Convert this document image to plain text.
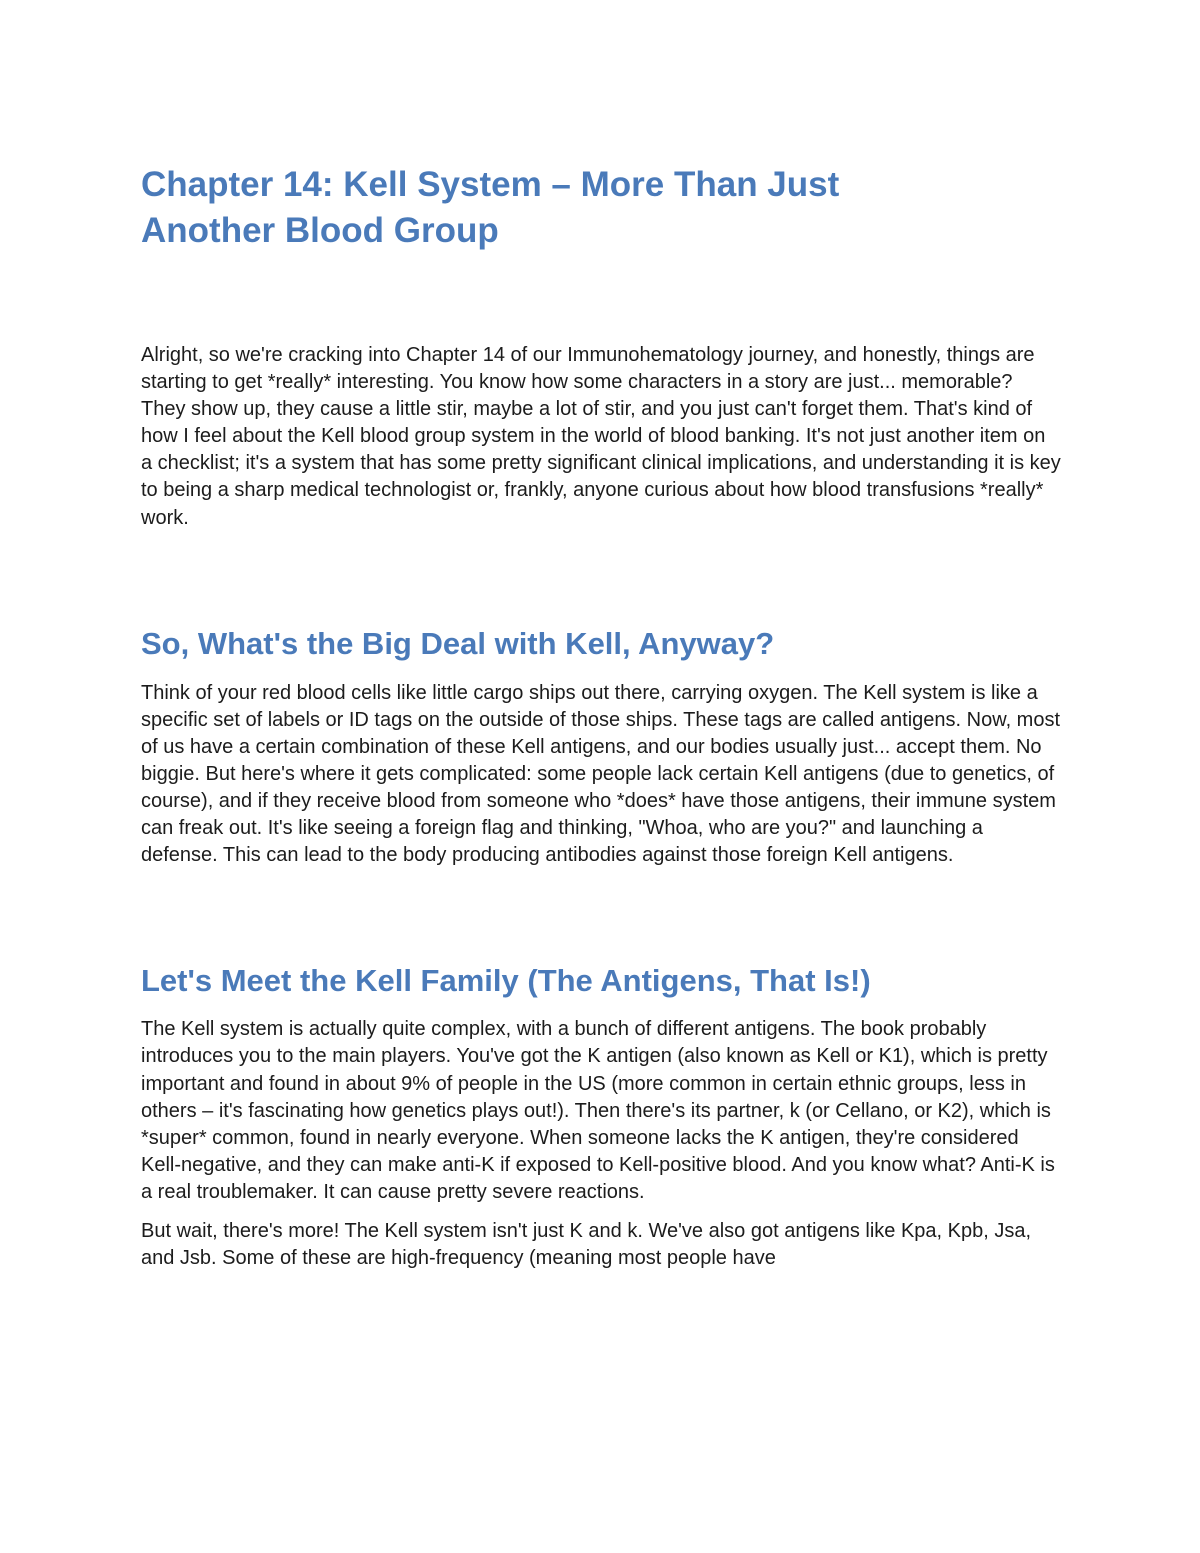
Chapter 14: Kell System – More Than Just
Another Blood Group

Alright, so we're cracking into Chapter 14 of our Immunohematology journey, and honestly, things are starting to get *really* interesting. You know how some characters in a story are just... memorable? They show up, they cause a little stir, maybe a lot of stir, and you just can't forget them. That's kind of how I feel about the Kell blood group system in the world of blood banking. It's not just another item on a checklist; it's a system that has some pretty significant clinical implications, and understanding it is key to being a sharp medical technologist or, frankly, anyone curious about how blood transfusions *really* work.

So, What's the Big Deal with Kell, Anyway?

Think of your red blood cells like little cargo ships out there, carrying oxygen. The Kell system is like a specific set of labels or ID tags on the outside of those ships. These tags are called antigens. Now, most of us have a certain combination of these Kell antigens, and our bodies usually just... accept them. No biggie. But here's where it gets complicated: some people lack certain Kell antigens (due to genetics, of course), and if they receive blood from someone who *does* have those antigens, their immune system can freak out. It's like seeing a foreign flag and thinking, "Whoa, who are you?" and launching a defense. This can lead to the body producing antibodies against those foreign Kell antigens.

Let's Meet the Kell Family (The Antigens, That Is!)

The Kell system is actually quite complex, with a bunch of different antigens. The book probably introduces you to the main players. You've got the K antigen (also known as Kell or K1), which is pretty important and found in about 9% of people in the US (more common in certain ethnic groups, less in others – it's fascinating how genetics plays out!). Then there's its partner, k (or Cellano, or K2), which is *super* common, found in nearly everyone. When someone lacks the K antigen, they're considered Kell-negative, and they can make anti-K if exposed to Kell-positive blood. And you know what? Anti-K is a real troublemaker. It can cause pretty severe reactions.

But wait, there's more! The Kell system isn't just K and k. We've also got antigens like Kpa, Kpb, Jsa, and Jsb. Some of these are high-frequency (meaning most people have
